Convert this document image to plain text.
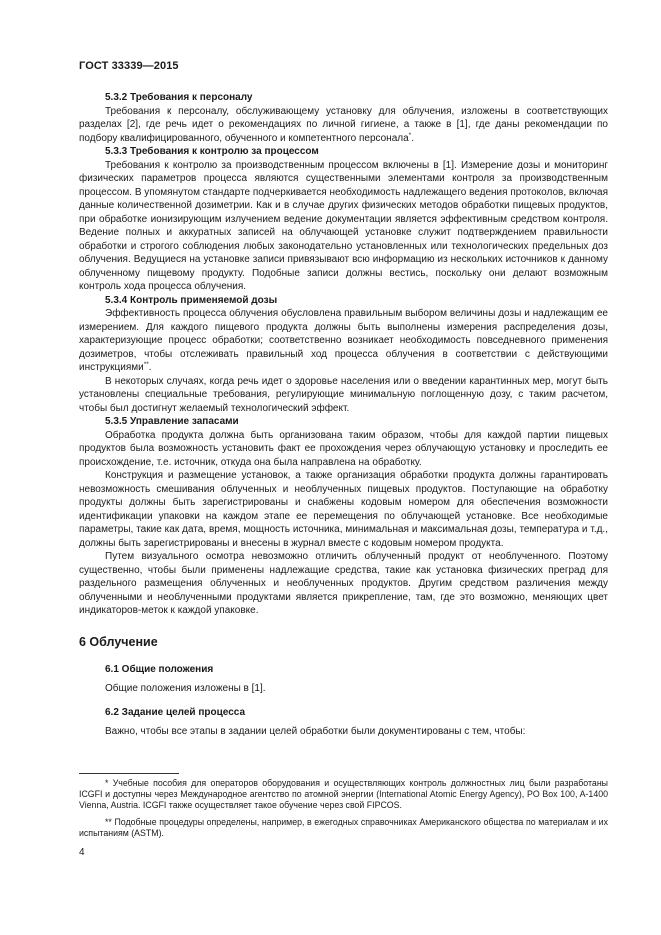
ГОСТ 33339—2015
5.3.2 Требования к персоналу

Требования к персоналу, обслуживающему установку для облучения, изложены в соответствующих разделах [2], где речь идет о рекомендациях по личной гигиене, а также в [1], где даны рекомендации по подбору квалифицированного, обученного и компетентного персонала*.

5.3.3 Требования к контролю за процессом

Требования к контролю за производственным процессом включены в [1]. Измерение дозы и мониторинг физических параметров процесса являются существенными элементами контроля за производственным процессом. В упомянутом стандарте подчеркивается необходимость надлежащего ведения протоколов, включая данные количественной дозиметрии. Как и в случае других физических методов обработки пищевых продуктов, при обработке ионизирующим излучением ведение документации является эффективным средством контроля. Ведение полных и аккуратных записей на облучающей установке служит подтверждением правильности обработки и строгого соблюдения любых законодательно установленных или технологических предельных доз облучения. Ведущиеся на установке записи привязывают всю информацию из нескольких источников к данному облученному пищевому продукту. Подобные записи должны вестись, поскольку они делают возможным контроль хода процесса облучения.

5.3.4 Контроль применяемой дозы

Эффективность процесса облучения обусловлена правильным выбором величины дозы и надлежащим ее измерением. Для каждого пищевого продукта должны быть выполнены измерения распределения дозы, характеризующие процесс обработки; соответственно возникает необходимость повседневного применения дозиметров, чтобы отслеживать правильный ход процесса облучения в соответствии с действующими инструкциями**.

В некоторых случаях, когда речь идет о здоровье населения или о введении карантинных мер, могут быть установлены специальные требования, регулирующие минимальную поглощенную дозу, с таким расчетом, чтобы был достигнут желаемый технологический эффект.

5.3.5 Управление запасами

Обработка продукта должна быть организована таким образом, чтобы для каждой партии пищевых продуктов была возможность установить факт ее прохождения через облучающую установку и проследить ее происхождение, т.е. источник, откуда она была направлена на обработку.

Конструкция и размещение установок, а также организация обработки продукта должны гарантировать невозможность смешивания облученных и необлученных пищевых продуктов. Поступающие на обработку продукты должны быть зарегистрированы и снабжены кодовым номером для обеспечения возможности идентификации упаковки на каждом этапе ее перемещения по облучающей установке. Все необходимые параметры, такие как дата, время, мощность источника, минимальная и максимальная дозы, температура и т.д., должны быть зарегистрированы и внесены в журнал вместе с кодовым номером продукта.

Путем визуального осмотра невозможно отличить облученный продукт от необлученного. Поэтому существенно, чтобы были применены надлежащие средства, такие как установка физических преград для раздельного размещения облученных и необлученных продуктов. Другим средством различения между облученными и необлученными продуктами является прикрепление, там, где это возможно, меняющих цвет индикаторов-меток к каждой упаковке.

6 Облучение
6.1 Общие положения
Общие положения изложены в [1].
6.2 Задание целей процесса
Важно, чтобы все этапы в задании целей обработки были документированы с тем, чтобы:

* Учебные пособия для операторов оборудования и осуществляющих контроль должностных лиц были разработаны ICGFI и доступны через Международное агентство по атомной энергии (International Atomic Energy Agency), PO Box 100, A-1400 Vienna, Austria. ICGFI также осуществляет такое обучение через свой FIPCOS.

** Подобные процедуры определены, например, в ежегодных справочниках Американского общества по материалам и их испытаниям (ASTM).

4
